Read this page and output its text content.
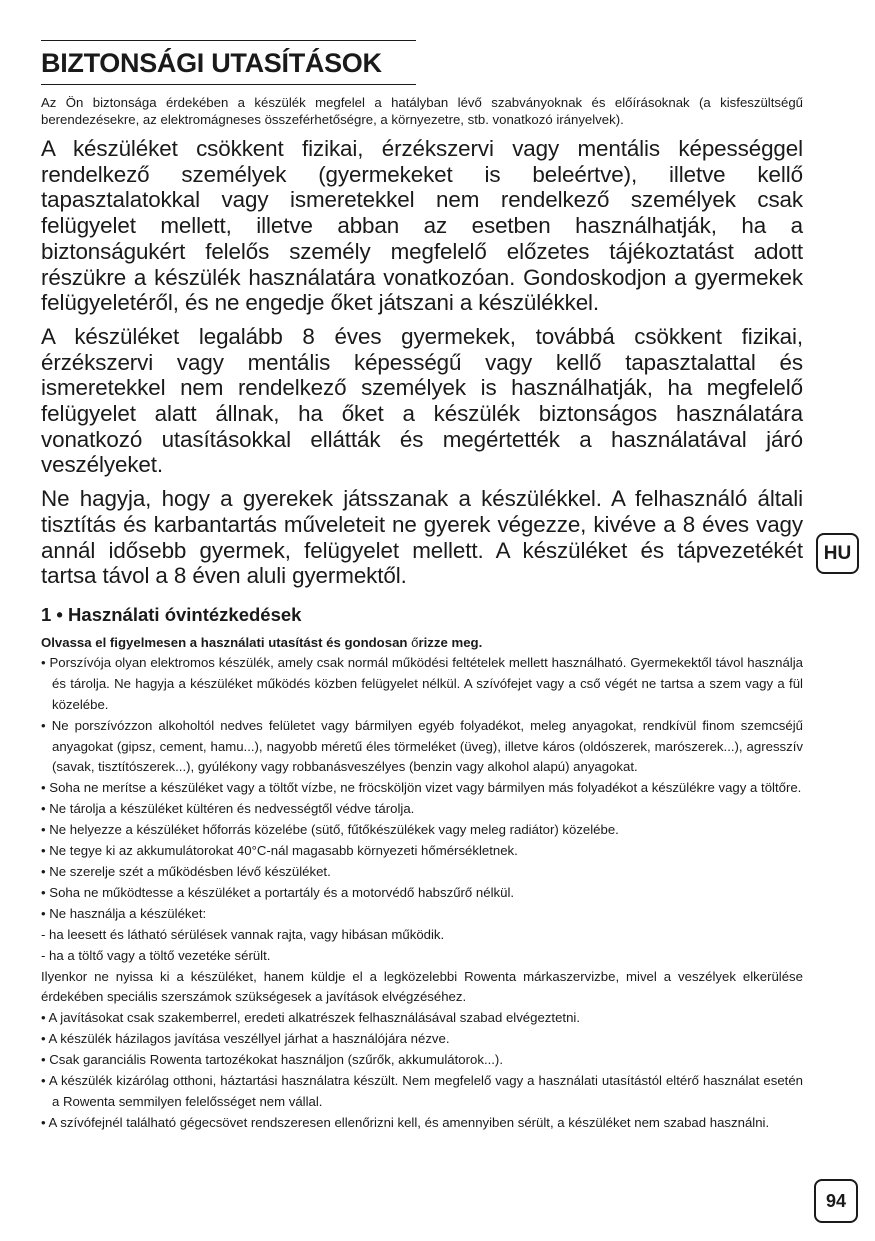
BIZTONSÁGI UTASÍTÁSOK

Az Ön biztonsága érdekében a készülék megfelel a hatályban lévő szabványoknak és előírásoknak (a kisfeszültségű berendezésekre, az elektromágneses összeférhetőségre, a környezetre, stb. vonatkozó irányelvek).

A készüléket csökkent fizikai, érzékszervi vagy mentális képességgel rendelkező személyek (gyermekeket is beleértve), illetve kellő tapasztalatokkal vagy ismeretekkel nem rendelkező személyek csak felügyelet mellett, illetve abban az esetben használhatják, ha a biztonságukért felelős személy megfelelő előzetes tájékoztatást adott részükre a készülék használatára vonatkozóan. Gondoskodjon a gyermekek felügyeletéről, és ne engedje őket játszani a készülékkel.

A készüléket legalább 8 éves gyermekek, továbbá csökkent fizikai, érzékszervi vagy mentális képességű vagy kellő tapasztalattal és ismeretekkel nem rendelkező személyek is használhatják, ha megfelelő felügyelet alatt állnak, ha őket a készülék biztonságos használatára vonatkozó utasításokkal ellátták és megértették a használatával járó veszélyeket.

Ne hagyja, hogy a gyerekek játsszanak a készülékkel. A felhasználó általi tisztítás és karbantartás műveleteit ne gyerek végezze, kivéve a 8 éves vagy annál idősebb gyermek, felügyelet mellett. A készüléket és tápvezetékét tartsa távol a 8 éven aluli gyermektől.

1 • Használati óvintézkedések

Olvassa el figyelmesen a használati utasítást és gondosan őrizze meg.

• Porszívója olyan elektromos készülék, amely csak normál működési feltételek mellett használható. Gyermekektől távol használja és tárolja. Ne hagyja a készüléket működés közben felügyelet nélkül. A szívófejet vagy a cső végét ne tartsa a szem vagy a fül közelébe.
• Ne porszívózzon alkoholtól nedves felületet vagy bármilyen egyéb folyadékot, meleg anyagokat, rendkívül finom szemcséjű anyagokat (gipsz, cement, hamu...), nagyobb méretű éles törmeléket (üveg), illetve káros (oldószerek, marószerek...), agresszív (savak, tisztítószerek...), gyúlékony vagy robbanásveszélyes (benzin vagy alkohol alapú) anyagokat.
• Soha ne merítse a készüléket vagy a töltőt vízbe, ne fröcsköljön vizet vagy bármilyen más folyadékot a készülékre vagy a töltőre.
• Ne tárolja a készüléket kültéren és nedvességtől védve tárolja.
• Ne helyezze a készüléket hőforrás közelébe (sütő, fűtőkészülékek vagy meleg radiátor) közelébe.
• Ne tegye ki az akkumulátorokat 40°C-nál magasabb környezeti hőmérsékletnek.
• Ne szerelje szét a működésben lévő készüléket.
• Soha ne működtesse a készüléket a portartály és a motorvédő habszűrő nélkül.
• Ne használja a készüléket:
- ha leesett és látható sérülések vannak rajta, vagy hibásan működik.
- ha a töltő vagy a töltő vezetéke sérült.

Ilyenkor ne nyissa ki a készüléket, hanem küldje el a legközelebbi Rowenta márkaszervizbe, mivel a veszélyek elkerülése érdekében speciális szerszámok szükségesek a javítások elvégzéséhez.

• A javításokat csak szakemberrel, eredeti alkatrészek felhasználásával szabad elvégeztetni.
• A készülék házilagos javítása veszéllyel járhat a használójára nézve.
• Csak garanciális Rowenta tartozékokat használjon (szűrők, akkumulátorok...).
• A készülék kizárólag otthoni, háztartási használatra készült. Nem megfelelő vagy a használati utasítástól eltérő használat esetén a Rowenta semmilyen felelősséget nem vállal.
• A szívófejnél található gégecsövet rendszeresen ellenőrizni kell, és amennyiben sérült, a készüléket nem szabad használni.
HU
94
